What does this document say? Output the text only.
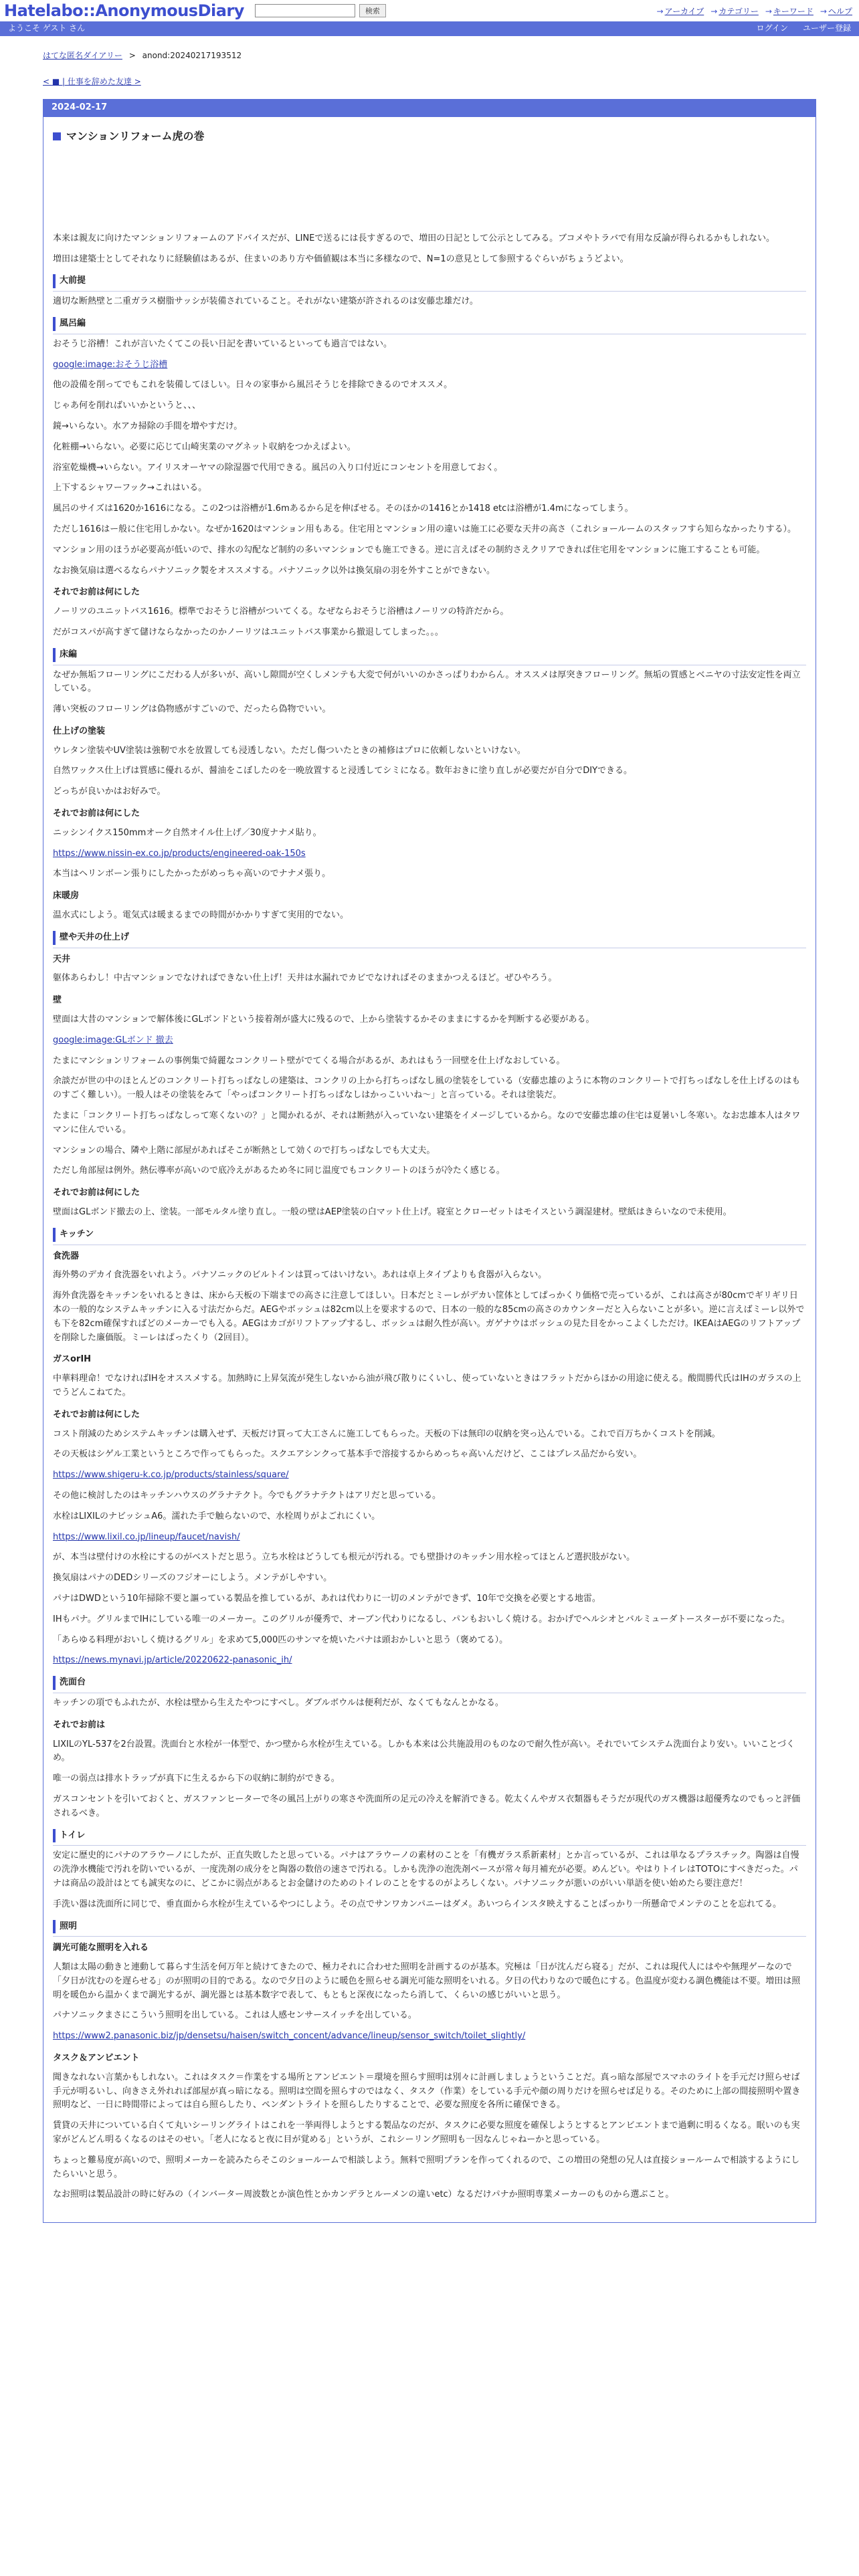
Hatelabo::AnonymousDiary	検索	→ アーカイブ → カテゴリー → キーワード → ヘルプ
ようこそ ゲスト さん	ログイン ユーザー登録
はてな匿名ダイアリー > anond:20240217193512
< ■ | 仕事を辞めた友達 >
2024-02-17
マンションリフォーム虎の巻
本来は親友に向けたマンションリフォームのアドバイスだが、LINEで送るには長すぎるので、増田の日記として公示としてみる。ブコメやトラバで有用な反論が得られるかもしれない。
増田は建築士としてそれなりに経験値はあるが、住まいのあり方や価値観は本当に多様なので、N=1の意見として参照するぐらいがちょうどよい。
大前提
適切な断熱壁と二重ガラス樹脂サッシが装備されていること。それがない建築が許されるのは安藤忠雄だけ。
風呂編
おそうじ浴槽！これが言いたくてこの長い日記を書いているといっても過言ではない。
google:image:おそうじ浴槽
他の設備を削ってでもこれを装備してほしい。日々の家事から風呂そうじを排除できるのでオススメ。
じゃあ何を削ればいいかというと、、、
鏡→いらない。水アカ掃除の手間を増やすだけ。
化粧棚→いらない。必要に応じて山崎実業のマグネット収納をつかえばよい。
浴室乾燥機→いらない。アイリスオーヤマの除湿器で代用できる。風呂の入り口付近にコンセントを用意しておく。
上下するシャワーフック→これはいる。
風呂のサイズは1620か1616になる。この2つは浴槽が1.6mあるから足を伸ばせる。そのほかの1416とか1418 etcは浴槽が1.4mになってしまう。
ただし1616はー般に住宅用しかない。なぜか1620はマンション用もある。住宅用とマンション用の違いは施工に必要な天井の高さ（これショールームのスタッフすら知らなかったりする）。
マンション用のほうが必要高が低いので、排水の勾配など制約の多いマンションでも施工できる。逆に言えばその制約さえクリアできれば住宅用をマンションに施工することも可能。
なお換気扇は選べるならパナソニック製をオススメする。パナソニック以外は換気扇の羽を外すことができない。
それでお前は何にした
ノーリツのユニットバス1616。標準でおそうじ浴槽がついてくる。なぜならおそうじ浴槽はノーリツの特許だから。
だがコスパが高すぎて儲けならなかったのかノーリツはユニットバス事業から撤退してしまった。。。
床編
なぜか無垢フローリングにこだわる人が多いが、高いし隙間が空くしメンテも大変で何がいいのかさっぱりわからん。オススメは厚突きフローリング。無垢の質感とベニヤの寸法安定性を両立している。
薄い突板のフローリングは偽物感がすごいので、だったら偽物でいい。
仕上げの塗装
ウレタン塗装やUV塗装は強靭で水を放置しても浸透しない。ただし傷ついたときの補修はプロに依頼しないといけない。
自然ワックス仕上げは質感に優れるが、醤油をこぼしたのを一晩放置すると浸透してシミになる。数年おきに塗り直しが必要だが自分でDIYできる。
どっちが良いかはお好みで。
それでお前は何にした
ニッシンイクス150mmオーク自然オイル仕上げ／30度ナナメ貼り。
https://www.nissin-ex.co.jp/products/engineered-oak-150s
本当はヘリンボーン張りにしたかったがめっちゃ高いのでナナメ張り。
床暖房
温水式にしよう。電気式は暖まるまでの時間がかかりすぎて実用的でない。
壁や天井の仕上げ
天井
躯体あらわし！中古マンションでなければできない仕上げ！天井は水漏れでカビでなければそのままかつえるほど。ぜひやろう。
壁
壁面は大昔のマンションで解体後にGLボンドという接着剤が盛大に残るので、上から塗装するかそのままにするかを判断する必要がある。
google:image:GLボンド 撤去
たまにマンションリフォームの事例集で綺麗なコンクリート壁がでてくる場合があるが、あれはもう一回壁を仕上げなおしている。
余談だが世の中のほとんどのコンクリート打ちっぱなしの建築は、コンクリの上から打ちっぱなし風の塗装をしている（安藤忠雄のように本物のコンクリートで打ちっぱなしを仕上げるのはものすごく難しい）。一般人はその塗装をみて「やっぱコンクリート打ちっぱなしはかっこいいね～」と言っている。それは塗装だ。
たまに「コンクリート打ちっぱなしって寒くないの？」と聞かれるが、それは断熱が入っていない建築をイメージしているから。なので安藤忠雄の住宅は夏暑いし冬寒い。なお忠雄本人はタワマンに住んでいる。
マンションの場合、隣や上階に部屋があればそこが断熱として効くので打ちっぱなしでも大丈夫。
ただし角部屋は例外。熱伝導率が高いので底冷えがあるため冬に同じ温度でもコンクリートのほうが冷たく感じる。
それでお前は何にした
壁面はGLボンド撤去の上、塗装。一部モルタル塗り直し。一般の壁はAEP塗装の白マット仕上げ。寝室とクローゼットはモイスという調湿建材。壁紙はきらいなので未使用。
キッチン
食洗器
海外勢のデカイ食洗器をいれよう。パナソニックのビルトインは買ってはいけない。あれは卓上タイプよりも食器が入らない。
海外食洗器をキッチンをいれるときは、床から天板の下端までの高さに注意してほしい。日本だとミーレがデカい筐体としてぱっかくり価格で売っているが、これは高さが80cmでギリギリ日本の一般的なシステムキッチンに入る寸法だからだ。AEGやボッシュは82cm以上を要求するので、日本の一般的な85cmの高さのカウンターだと入らないことが多い。逆に言えばミーレ以外でも下を82cm確保すればどのメーカーでも入る。AEGはカゴがリフトアップするし、ボッシュは耐久性が高い。ガゲナウはボッシュの見た目をかっこよくしただけ。IKEAはAEGのリフトアップを削除した廉価版。ミーレはぱったくり（2回目）。
ガスorIH
中華料理命！でなければIHをオススメする。加熱時に上昇気流が発生しないから油が飛び散りにくいし、使っていないときはフラットだからほかの用途に使える。酸間勝代氏はIHのガラスの上でうどんこねてた。
それでお前は何にした
コスト削減のためシステムキッチンは購入せず、天板だけ買って大工さんに施工してもらった。天板の下は無印の収納を突っ込んでいる。これで百万ちかくコストを削減。
その天板はシゲル工業というところで作ってもらった。スクエアシンクって基本手で溶接するからめっちゃ高いんだけど、ここはプレス品だから安い。
https://www.shigeru-k.co.jp/products/stainless/square/
その他に検討したのはキッチンハウスのグラナテクト。今でもグラナテクトはアリだと思っている。
水栓はLIXILのナビッシュA6。濡れた手で触らないので、水栓周りがよごれにくい。
https://www.lixil.co.jp/lineup/faucet/navish/
が、本当は壁付けの水栓にするのがベストだと思う。立ち水栓はどうしても根元が汚れる。でも壁掛けのキッチン用水栓ってほとんど選択肢がない。
換気扇はパナのDEDシリーズのフジオーにしよう。メンテがしやすい。
パナはDWDという10年掃除不要と謳っている製品を推しているが、あれは代わりに一切のメンテができず、10年で交換を必要とする地雷。
IHもパナ。グリルまでIHにしている唯一のメーカー。このグリルが優秀で、オーブン代わりになるし、パンもおいしく焼ける。おかげでヘルシオとバルミューダトースターが不要になった。
「あらゆる料理がおいしく焼けるグリル」を求めて5,000匹のサンマを焼いたパナは頭おかしいと思う（褒めてる）。
https://news.mynavi.jp/article/20220622-panasonic_ih/
洗面台
キッチンの項でもふれたが、水栓は壁から生えたやつにすべし。ダブルボウルは便利だが、なくてもなんとかなる。
それでお前は
LIXILのYL-537を2台設置。洗面台と水栓が一体型で、かつ壁から水栓が生えている。しかも本来は公共施設用のものなので耐久性が高い。それでいてシステム洗面台より安い。いいことづくめ。
唯一の弱点は排水トラップが真下に生えるから下の収納に制約ができる。
ガスコンセントを引いておくと、ガスファンヒーターで冬の風呂上がりの寒さや洗面所の足元の冷えを解消できる。乾太くんやガス衣類器もそうだが現代のガス機器は超優秀なのでもっと評価されるべき。
トイレ
安定に歴史的にパナのアラウーノにしたが、正直失敗したと思っている。パナはアラウーノの素材のことを「有機ガラス系新素材」とか言っているが、これは単なるプラスチック。陶器は自慢の洗浄水機能で汚れを防いでいるが、一度洗剤の成分をと陶器の数倍の速さで汚れる。しかも洗浄の泡洗剤ベースが常々毎月補充が必要。めんどい。やはりトイレはTOTOにすべきだった。パナは商品の設計はとても誠実なのに、どこかに弱点があるとお金儲けのためのトイレのことをするのがよろしくない。パナソニックが悪いのがいい単語を使い始めたら要注意だ！
手洗い器は洗面所に同じで、垂直面から水栓が生えているやつにしよう。その点でサンワカンパニーはダメ。あいつらインスタ映えすることばっかり一所懸命でメンテのことを忘れてる。
照明
調光可能な照明を入れる
人類は太陽の動きと連動して暮らす生活を何万年と続けてきたので、極力それに合わせた照明を計画するのが基本。究極は「日が沈んだら寝る」だが、これは現代人にはやや無理ゲーなので「夕日が沈むのを遅らせる」のが照明の目的である。なので夕日のように暖色を照らせる調光可能な照明をいれる。夕日の代わりなので暖色にする。色温度が変わる調色機能は不要。増田は照明を暖色から温かくまで調光するが、調光器とは基本数字で表して、もともと深夜になったら消して、くらいの感じがいいと思う。
パナソニックまさにこういう照明を出している。これは人感センサースイッチを出している。
https://www2.panasonic.biz/jp/densetsu/haisen/switch_concent/advance/lineup/sensor_switch/toilet_slightly/
タスク＆アンビエント
聞きなれない言葉かもしれない。これはタスク＝作業をする場所とアンビエント＝環境を照らす照明は別々に計画しましょうということだ。真っ暗な部屋でスマホのライトを手元だけ照らせば手元が明るいし、向きさえ外れれば部屋が真っ暗になる。照明は空間を照らすのではなく、タスク（作業）をしている手元や顔の周りだけを照らせば足りる。そのために上部の間接照明や置き照明など、一日に時間帯によっては自ら照らしたり、ペンダントライトを照らしたりすることで、必要な照度を各所に確保できる。
賃貸の天井についている白くて丸いシーリングライトはこれを一挙両得しようとする製品なのだが、タスクに必要な照度を確保しようとするとアンビエントまで過剰に明るくなる。眠いのも実家がどんどん明るくなるのはそのせい。「老人になると夜に目が覚める」というが、これシーリング照明も一因なんじゃねーかと思っている。
ちょっと難易度が高いので、照明メーカーを読みたらそこのショールームで相談しよう。無料で照明プランを作ってくれるので、この増田の発想の兄人は直接ショールームで相談するようにしたらいいと思う。
なお照明は製品設計の時に好みの（インバーター周波数とか演色性とかカンデラとルーメンの違いetc）なるだけパナか照明専業メーカーのものから選ぶこと。
